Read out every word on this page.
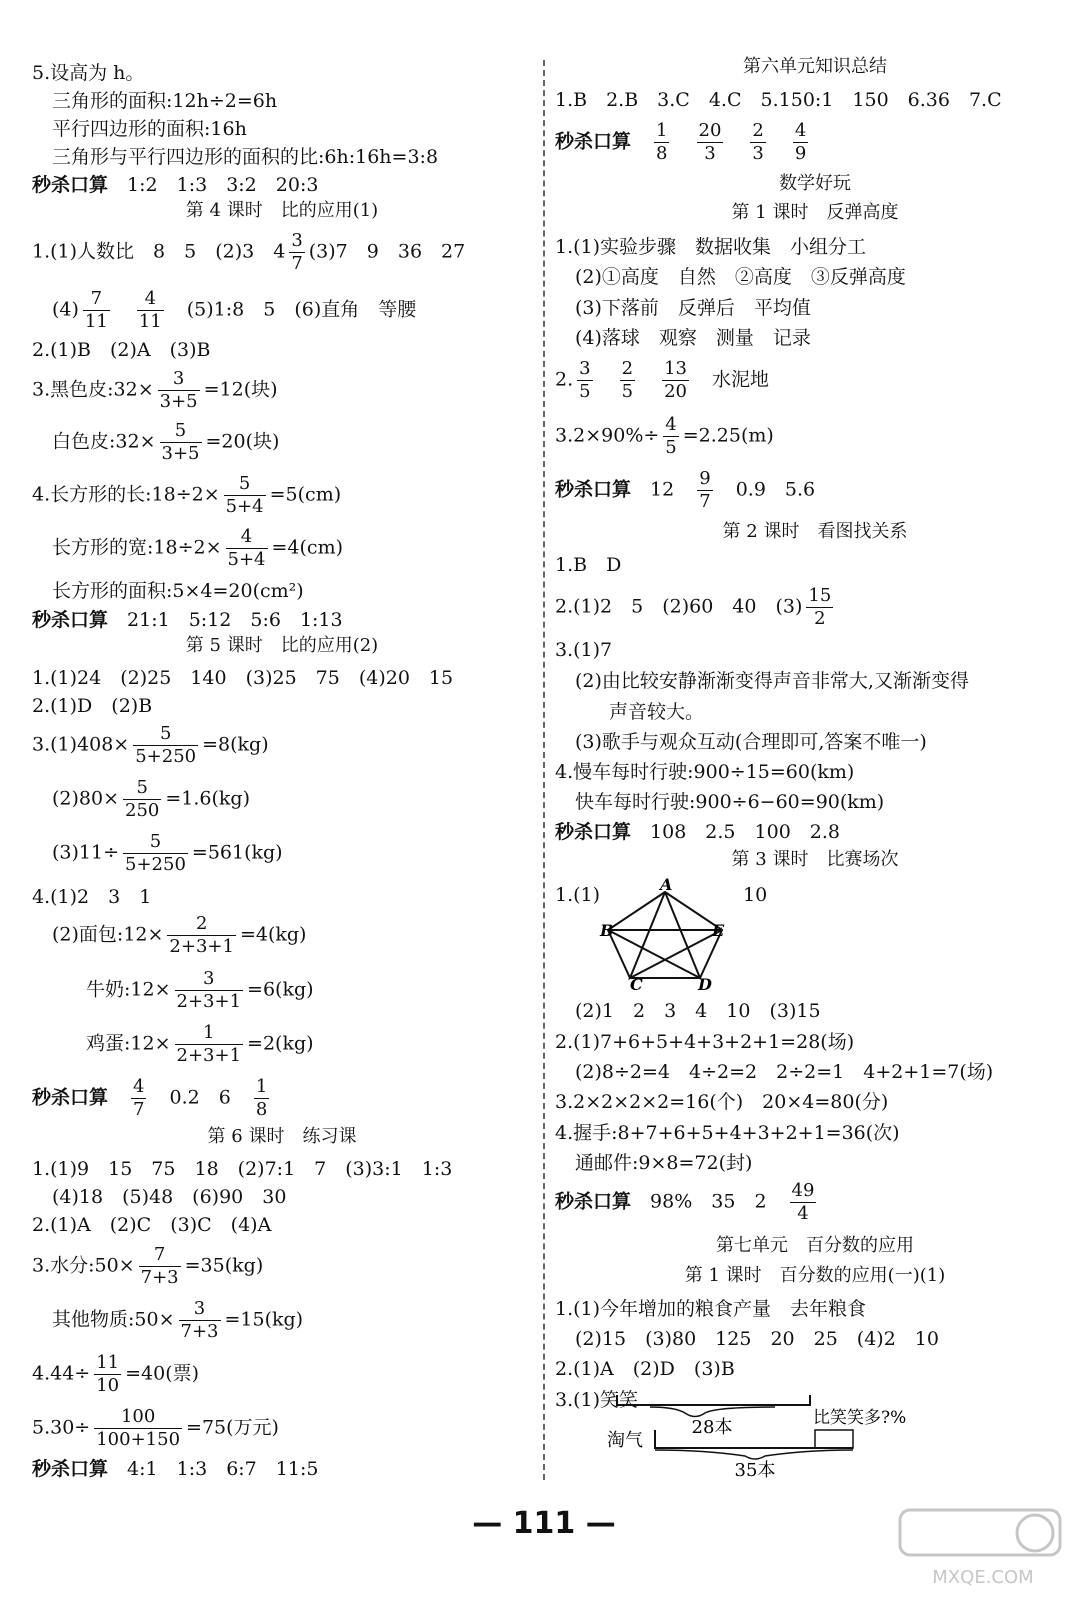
5.设高为 h。
三角形的面积:12h÷2=6h
平行四边形的面积:16h
三角形与平行四边形的面积的比:6h:16h=3:8
秒杀口算　 1:2　1:3　3:2　20:3
第 4 课时　比的应用(1)
1.(1)人数比　8　5　(2)3　$4 \frac{3}{7} (3)7$　9　36　27
$(4) \frac{7}{11}$
　 $\frac{4}{11}$
　 (5)1:8　5　(6)直角　等腰
2.(1)B　(2)A　(3)B
3.黑色皮:32× $\frac{3}{3+5} =12$(块)
白色皮:32× $\frac{5}{3+5} =20$(块)
4.长方形的长:18÷2× $\frac{5}{5+4} =5(cm)$
长方形的宽:18÷2× $\frac{4}{5+4} =4(cm)$
长方形的面积:5×4=20(cm²)
秒杀口算　 21:1　5:12　5:6　1:13
第 5 课时　比的应用(2)
1.(1)24　(2)25　140　(3)25　75　(4)20　15
2.(1)D　(2)B
$3.(1)408\times \frac{5}{5+250} =8(kg)$
$(2)80\times \frac{5}{250} =1.6(kg)$
$(3)11\div \frac{5}{5+250} =561(kg)$
4.(1)2　3　1
(2)面包:12× $\frac{2}{2+3+1} =4(kg)$
牛奶:12× $\frac{3}{2+3+1} =6(kg)$
鸡蛋:12× $\frac{1}{2+3+1} =2(kg)$
秒杀口算　 $\frac{4}{7}$
　 0.2　6　 $\frac{1}{8}$
第 6 课时　练习课
1.(1)9　15　75　18　(2)7:1　7　(3)3:1　1:3
(4)18　(5)48　(6)90　30
2.(1)A　(2)C　(3)C　(4)A
3.水分:50× $\frac{7}{7+3} =35(kg)$
其他物质:50× $\frac{3}{7+3} =15(kg)$
$4.44\div \frac{11}{10} =40$(票)
$5.30\div \frac{100}{100+150} =75$(万元)
秒杀口算　 4:1　1:3　6:7　11:5
第六单元知识总结
1.B　2.B　3.C　4.C　5.150:1　150　6.36　7.C
秒杀口算　 $\frac{1}{8}$
　 $\frac{20}{3}$
　 $\frac{2}{3}$
　 $\frac{4}{9}$
数学好玩
第 1 课时　反弹高度
1.(1)实验步骤　数据收集　小组分工
(2)①高度　自然　②高度　③反弹高度
(3)下落前　反弹后　平均值
(4)落球　观察　测量　记录
2. $\frac{3}{5}$
　 $\frac{2}{5}$
　 $\frac{13}{20}$
　 水泥地
$3.2\times 90\%\div \frac{4}{5} =2.25(m)$
秒杀口算　 12　 $\frac{9}{7}$
　 0.9　5.6
第 2 课时　看图找关系
1.B　D
2.(1)2　5　(2)60　40　$(3) \frac{15}{2}$
3.(1)7
(2)由比较安静渐渐变得声音非常大,又渐渐变得
声音较大。
(3)歌手与观众互动(合理即可,答案不唯一)
4.慢车每时行驶:900÷15=60(km)
快车每时行驶:900÷6−60=90(km)
秒杀口算　 108　2.5　100　2.8
第 3 课时　比赛场次
1.(1)	10
(2)1　2　3　4　10　(3)15
2.(1)7+6+5+4+3+2+1=28(场)
(2)8÷2=4　4÷2=2　2÷2=1　4+2+1=7(场)
3.2×2×2×2=16(个)　20×4=80(分)
4.握手:8+7+6+5+4+3+2+1=36(次)
通邮件:9×8=72(封)
秒杀口算　 98%　35　2　 $\frac{49}{4}$
第七单元　百分数的应用
第 1 课时　百分数的应用(一)(1)
1.(1)今年增加的粮食产量　去年粮食
(2)15　(3)80　125　20　25　(4)2　10
2.(1)A　(2)D　(3)B
3.(1)笑笑
28本	比笑笑多?%
淘气
35本
A
B	E
C	D
— 111 —
MXQE.COM
